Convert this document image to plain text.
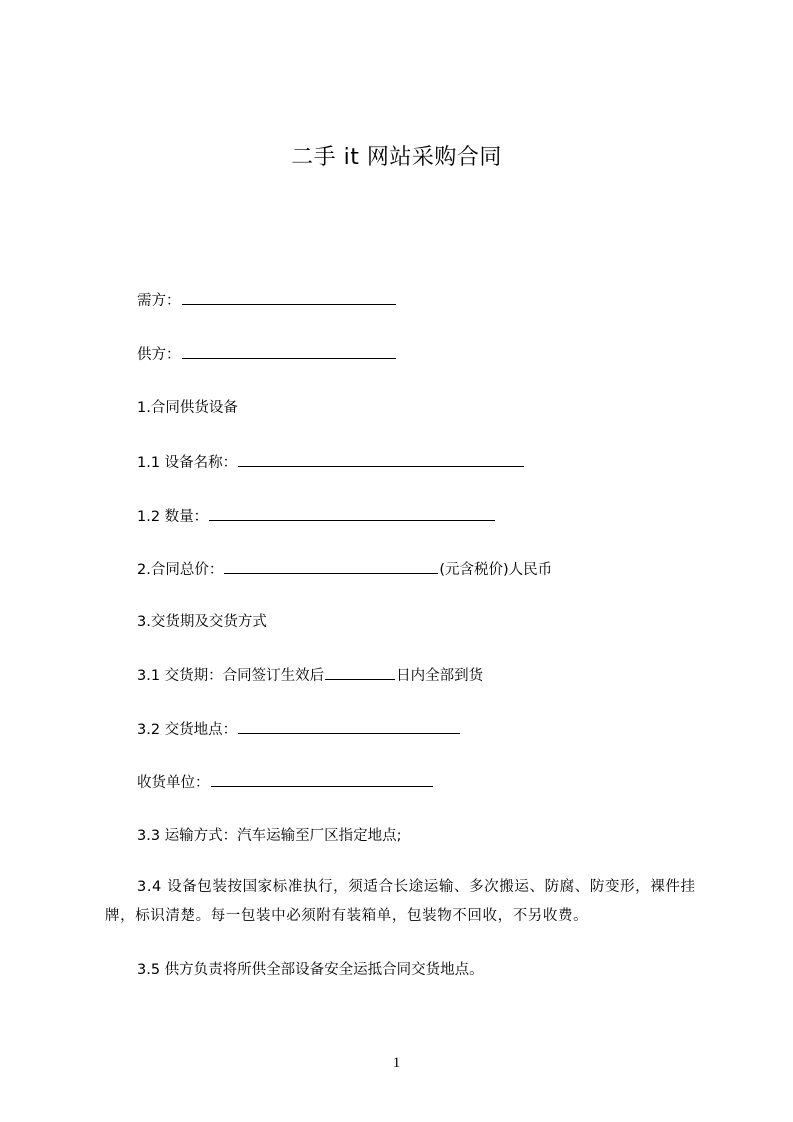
二手 it 网站采购合同
需方：
供方：
1.合同供货设备
1.1 设备名称：
1.2 数量：
2.合同总价：	(元含税价)人民币
3.交货期及交货方式
3.1 交货期：合同签订生效后	日内全部到货
3.2 交货地点：
收货单位：
3.3 运输方式：汽车运输至厂区指定地点;
3.4 设备包装按国家标准执行，须适合长途运输、多次搬运、防腐、防变形，裸件挂牌，标识清楚。每一包装中必须附有装箱单，包装物不回收，不另收费。
3.5 供方负责将所供全部设备安全运抵合同交货地点。
1
